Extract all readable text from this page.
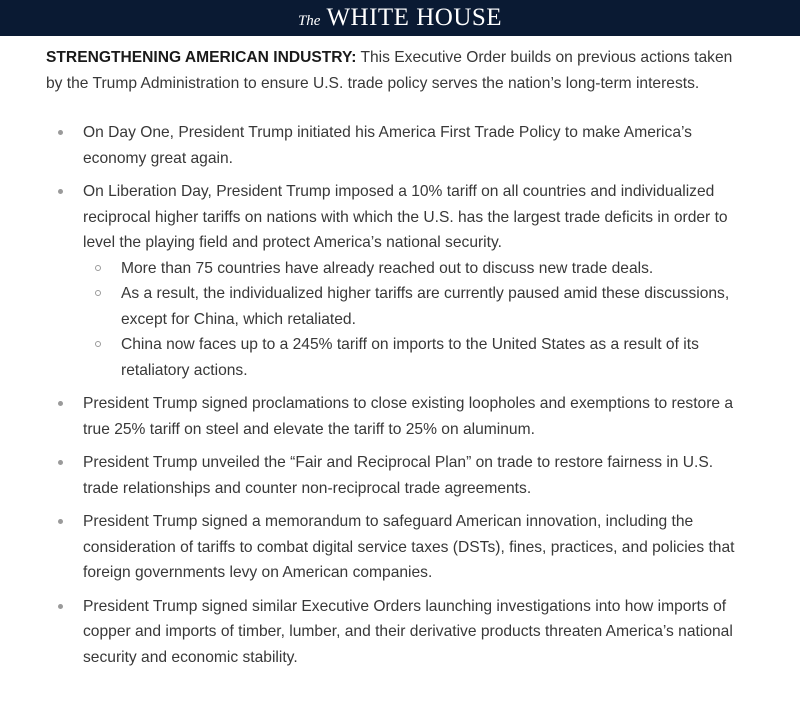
The WHITE HOUSE

STRENGTHENING AMERICAN INDUSTRY: This Executive Order builds on previous actions taken by the Trump Administration to ensure U.S. trade policy serves the nation’s long-term interests.

On Day One, President Trump initiated his America First Trade Policy to make America’s economy great again.
On Liberation Day, President Trump imposed a 10% tariff on all countries and individualized reciprocal higher tariffs on nations with which the U.S. has the largest trade deficits in order to level the playing field and protect America’s national security.
More than 75 countries have already reached out to discuss new trade deals.
As a result, the individualized higher tariffs are currently paused amid these discussions, except for China, which retaliated.
China now faces up to a 245% tariff on imports to the United States as a result of its retaliatory actions.
President Trump signed proclamations to close existing loopholes and exemptions to restore a true 25% tariff on steel and elevate the tariff to 25% on aluminum.
President Trump unveiled the “Fair and Reciprocal Plan” on trade to restore fairness in U.S. trade relationships and counter non-reciprocal trade agreements.
President Trump signed a memorandum to safeguard American innovation, including the consideration of tariffs to combat digital service taxes (DSTs), fines, practices, and policies that foreign governments levy on American companies.
President Trump signed similar Executive Orders launching investigations into how imports of copper and imports of timber, lumber, and their derivative products threaten America’s national security and economic stability.
